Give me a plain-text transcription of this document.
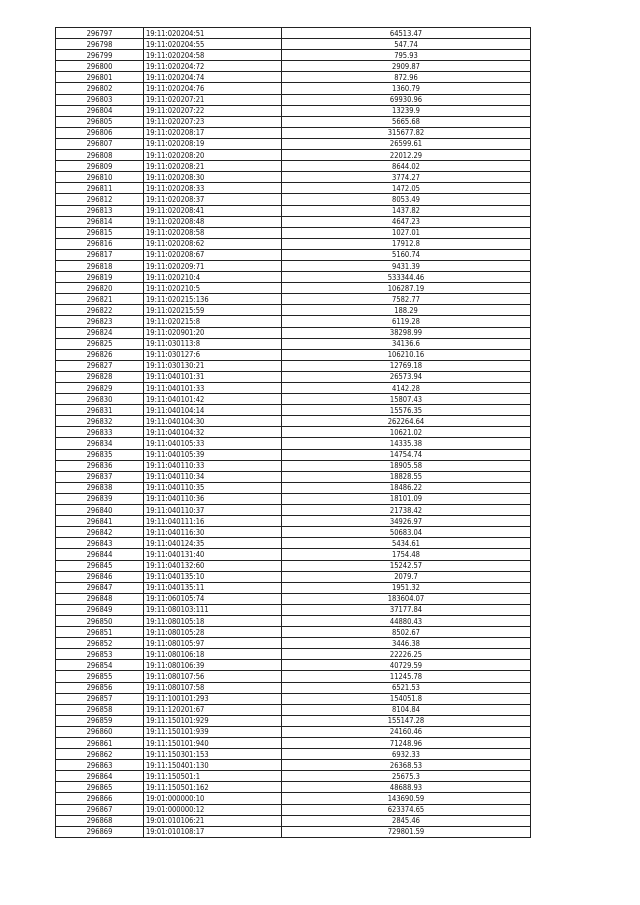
296797	19:11:020204:51	64513.47
296798	19:11:020204:55	547.74
296799	19:11:020204:58	795.93
296800	19:11:020204:72	2909.87
296801	19:11:020204:74	872.96
296802	19:11:020204:76	1360.79
296803	19:11:020207:21	69930.96
296804	19:11:020207:22	13239.9
296805	19:11:020207:23	5665.68
296806	19:11:020208:17	315677.82
296807	19:11:020208:19	26599.61
296808	19:11:020208:20	22012.29
296809	19:11:020208:21	8644.02
296810	19:11:020208:30	3774.27
296811	19:11:020208:33	1472.05
296812	19:11:020208:37	8053.49
296813	19:11:020208:41	1437.82
296814	19:11:020208:48	4647.23
296815	19:11:020208:58	1027.01
296816	19:11:020208:62	17912.8
296817	19:11:020208:67	5160.74
296818	19:11:020209:71	9431.39
296819	19:11:020210:4	533344.46
296820	19:11:020210:5	106287.19
296821	19:11:020215:136	7582.77
296822	19:11:020215:59	188.29
296823	19:11:020215:8	6119.28
296824	19:11:020901:20	38298.99
296825	19:11:030113:8	34136.6
296826	19:11:030127:6	106210.16
296827	19:11:030130:21	12769.18
296828	19:11:040101:31	26573.94
296829	19:11:040101:33	4142.28
296830	19:11:040101:42	15807.43
296831	19:11:040104:14	15576.35
296832	19:11:040104:30	262264.64
296833	19:11:040104:32	10621.02
296834	19:11:040105:33	14335.38
296835	19:11:040105:39	14754.74
296836	19:11:040110:33	18905.58
296837	19:11:040110:34	18828.55
296838	19:11:040110:35	18486.22
296839	19:11:040110:36	18101.09
296840	19:11:040110:37	21738.42
296841	19:11:040111:16	34926.97
296842	19:11:040116:30	50683.04
296843	19:11:040124:35	5434.61
296844	19:11:040131:40	1754.48
296845	19:11:040132:60	15242.57
296846	19:11:040135:10	2079.7
296847	19:11:040135:11	1951.32
296848	19:11:060105:74	183604.07
296849	19:11:080103:111	37177.84
296850	19:11:080105:18	44880.43
296851	19:11:080105:28	8502.67
296852	19:11:080105:97	3446.38
296853	19:11:080106:18	22226.25
296854	19:11:080106:39	40729.59
296855	19:11:080107:56	11245.78
296856	19:11:080107:58	6521.53
296857	19:11:100101:293	154051.8
296858	19:11:120201:67	8104.84
296859	19:11:150101:929	155147.28
296860	19:11:150101:939	24160.46
296861	19:11:150101:940	71248.96
296862	19:11:150301:153	6932.33
296863	19:11:150401:130	26368.53
296864	19:11:150501:1	25675.3
296865	19:11:150501:162	48688.93
296866	19:01:000000:10	143690.59
296867	19:01:000000:12	623374.65
296868	19:01:010106:21	2845.46
296869	19:01:010108:17	729801.59
